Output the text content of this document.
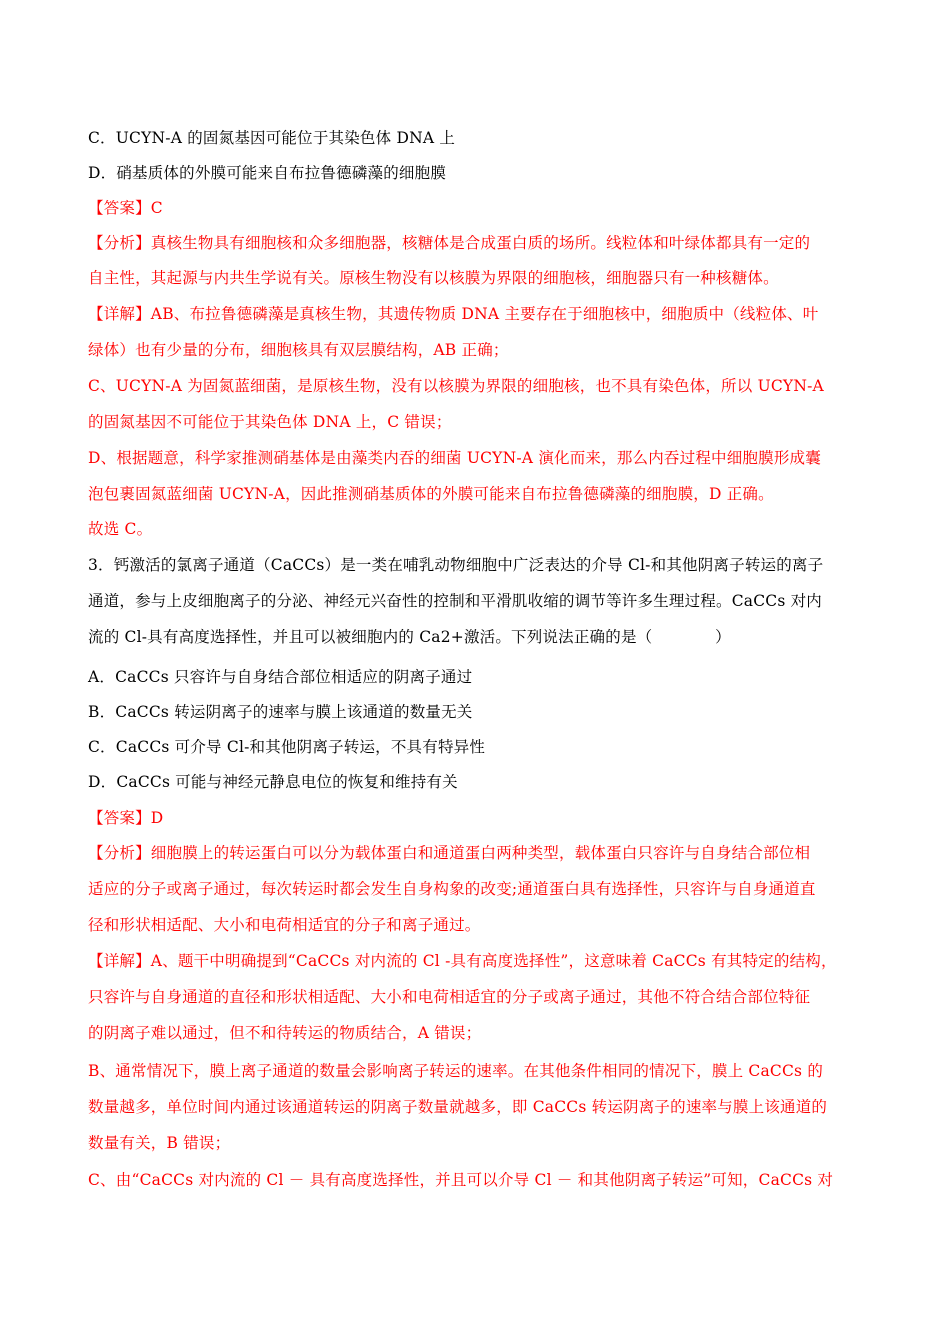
C．UCYN-A 的固氮基因可能位于其染色体 DNA 上
D．硝基质体的外膜可能来自布拉鲁德磷藻的细胞膜
【答案】C
【分析】真核生物具有细胞核和众多细胞器，核糖体是合成蛋白质的场所。线粒体和叶绿体都具有一定的
自主性，其起源与内共生学说有关。原核生物没有以核膜为界限的细胞核，细胞器只有一种核糖体。
【详解】AB、布拉鲁德磷藻是真核生物，其遗传物质 DNA 主要存在于细胞核中，细胞质中（线粒体、叶
绿体）也有少量的分布，细胞核具有双层膜结构，AB 正确；
C、UCYN-A 为固氮蓝细菌，是原核生物，没有以核膜为界限的细胞核，也不具有染色体，所以 UCYN-A
的固氮基因不可能位于其染色体 DNA 上，C 错误；
D、根据题意，科学家推测硝基体是由藻类内吞的细菌 UCYN-A 演化而来，那么内吞过程中细胞膜形成囊
泡包裹固氮蓝细菌 UCYN-A，因此推测硝基质体的外膜可能来自布拉鲁德磷藻的细胞膜，D 正确。
故选 C。
3．钙激活的氯离子通道（CaCCs）是一类在哺乳动物细胞中广泛表达的介导 Cl-和其他阴离子转运的离子
通道，参与上皮细胞离子的分泌、神经元兴奋性的控制和平滑肌收缩的调节等许多生理过程。CaCCs 对内
流的 Cl-具有高度选择性，并且可以被细胞内的 Ca2+激活。下列说法正确的是（　　　　）
A．CaCCs 只容许与自身结合部位相适应的阴离子通过
B．CaCCs 转运阴离子的速率与膜上该通道的数量无关
C．CaCCs 可介导 Cl-和其他阴离子转运，不具有特异性
D．CaCCs 可能与神经元静息电位的恢复和维持有关
【答案】D
【分析】细胞膜上的转运蛋白可以分为载体蛋白和通道蛋白两种类型，载体蛋白只容许与自身结合部位相
适应的分子或离子通过，每次转运时都会发生自身构象的改变;通道蛋白具有选择性，只容许与自身通道直
径和形状相适配、大小和电荷相适宜的分子和离子通过。
【详解】A、题干中明确提到“CaCCs 对内流的 Cl -具有高度选择性”，这意味着 CaCCs 有其特定的结构，
只容许与自身通道的直径和形状相适配、大小和电荷相适宜的分子或离子通过，其他不符合结合部位特征
的阴离子难以通过，但不和待转运的物质结合，A 错误；
B、通常情况下，膜上离子通道的数量会影响离子转运的速率。在其他条件相同的情况下，膜上 CaCCs 的
数量越多，单位时间内通过该通道转运的阴离子数量就越多，即 CaCCs 转运阴离子的速率与膜上该通道的
数量有关，B 错误；
C、由“CaCCs 对内流的 Cl － 具有高度选择性，并且可以介导 Cl － 和其他阴离子转运”可知，CaCCs 对
